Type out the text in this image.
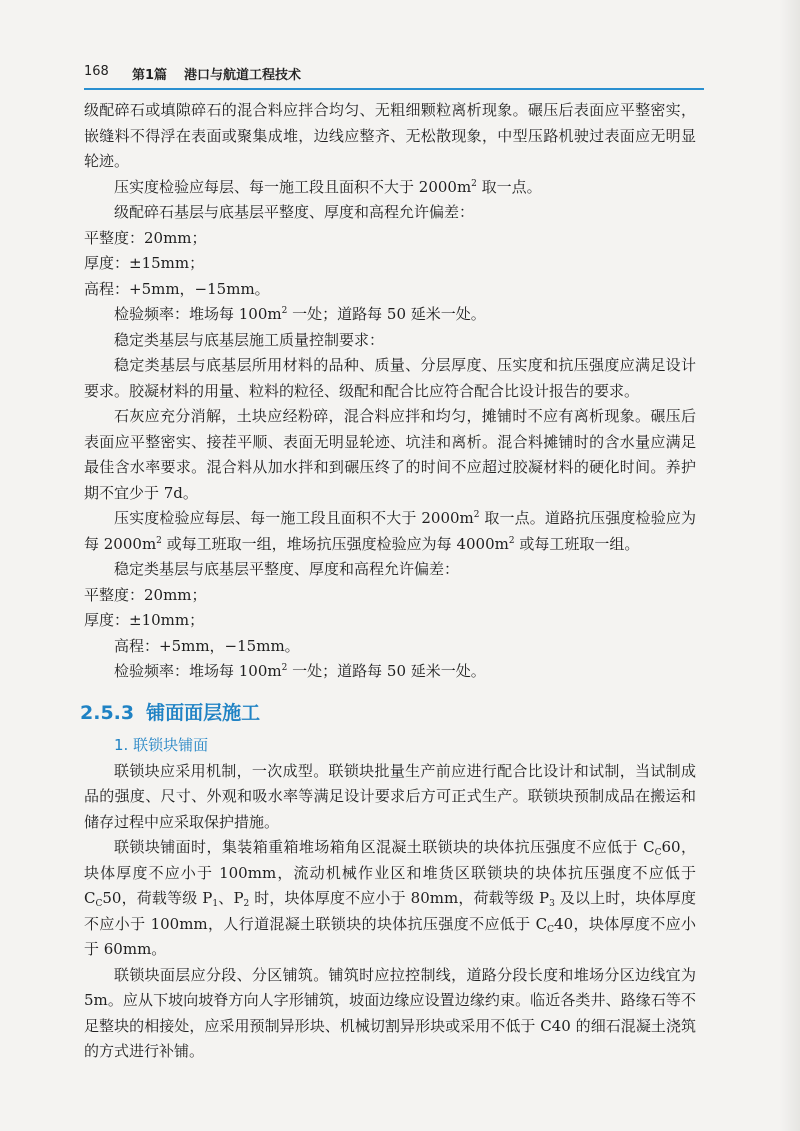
168 第1篇 港口与航道工程技术

级配碎石或填隙碎石的混合料应拌合均匀、无粗细颗粒离析现象。碾压后表面应平整密实，嵌缝料不得浮在表面或聚集成堆，边线应整齐、无松散现象，中型压路机驶过表面应无明显轮迹。

压实度检验应每层、每一施工段且面积不大于 $2000m^2$ 取一点。

级配碎石基层与底基层平整度、厚度和高程允许偏差：

平整度：20mm；

厚度：±15mm；

高程：+5mm，−15mm。

检验频率：堆场每 $100m^2$ 一处；道路每 50 延米一处。

稳定类基层与底基层施工质量控制要求：

稳定类基层与底基层所用材料的品种、质量、分层厚度、压实度和抗压强度应满足设计要求。胶凝材料的用量、粒料的粒径、级配和配合比应符合配合比设计报告的要求。

石灰应充分消解，土块应经粉碎，混合料应拌和均匀，摊铺时不应有离析现象。碾压后表面应平整密实、接茬平顺、表面无明显轮迹、坑洼和离析。混合料摊铺时的含水量应满足最佳含水率要求。混合料从加水拌和到碾压终了的时间不应超过胶凝材料的硬化时间。养护期不宜少于 7d。

压实度检验应每层、每一施工段且面积不大于 $2000m^2$ 取一点。道路抗压强度检验应为每 $2000m^2$ 或每工班取一组，堆场抗压强度检验应为每 $4000m^2$ 或每工班取一组。

稳定类基层与底基层平整度、厚度和高程允许偏差：

平整度：20mm；

厚度：±10mm；

高程：+5mm，−15mm。

检验频率：堆场每 $100m^2$ 一处；道路每 50 延米一处。

2.5.3 铺面面层施工
1. 联锁块铺面

联锁块应采用机制，一次成型。联锁块批量生产前应进行配合比设计和试制，当试制成品的强度、尺寸、外观和吸水率等满足设计要求后方可正式生产。联锁块预制成品在搬运和储存过程中应采取保护措施。

联锁块铺面时，集装箱重箱堆场箱角区混凝土联锁块的块体抗压强度不应低于 $C_C60$，块体厚度不应小于 100mm，流动机械作业区和堆货区联锁块的块体抗压强度不应低于 $C_C50$，荷载等级 $P_1$、$P_2$ 时，块体厚度不应小于 80mm，荷载等级 $P_3$ 及以上时，块体厚度不应小于 100mm，人行道混凝土联锁块的块体抗压强度不应低于 $C_C40$，块体厚度不应小于 60mm。

联锁块面层应分段、分区铺筑。铺筑时应拉控制线，道路分段长度和堆场分区边线宜为 5m。应从下坡向坡脊方向人字形铺筑，坡面边缘应设置边缘约束。临近各类井、路缘石等不足整块的相接处，应采用预制异形块、机械切割异形块或采用不低于 C40 的细石混凝土浇筑的方式进行补铺。
